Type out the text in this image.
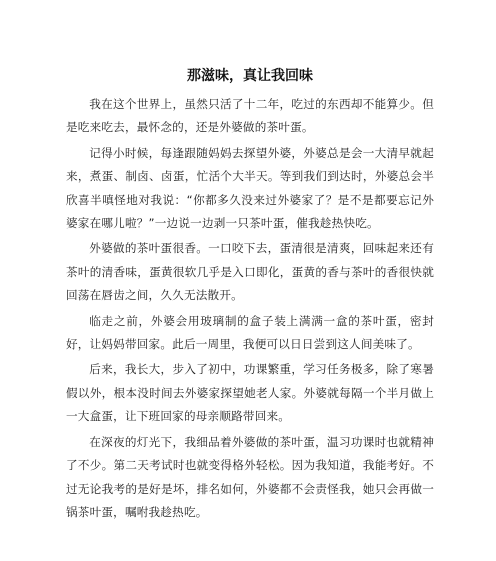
那滋味，真让我回味

我在这个世界上，虽然只活了十二年，吃过的东西却不能算少。但是吃来吃去，最怀念的，还是外婆做的茶叶蛋。

记得小时候，每逢跟随妈妈去探望外婆，外婆总是会一大清早就起来，煮蛋、制卤、卤蛋，忙活个大半天。等到我们到达时，外婆总会半欣喜半嗔怪地对我说：“你都多久没来过外婆家了？是不是都要忘记外婆家在哪儿啦？”一边说一边剥一只茶叶蛋，催我趁热快吃。

外婆做的茶叶蛋很香。一口咬下去，蛋清很是清爽，回味起来还有茶叶的清香味，蛋黄很软几乎是入口即化，蛋黄的香与茶叶的香很快就回荡在唇齿之间，久久无法散开。

临走之前，外婆会用玻璃制的盒子装上满满一盒的茶叶蛋，密封好，让妈妈带回家。此后一周里，我便可以日日尝到这人间美味了。

后来，我长大，步入了初中，功课繁重，学习任务极多，除了寒暑假以外，根本没时间去外婆家探望她老人家。外婆就每隔一个半月做上一大盒蛋，让下班回家的母亲顺路带回来。

在深夜的灯光下，我细品着外婆做的茶叶蛋，温习功课时也就精神了不少。第二天考试时也就变得格外轻松。因为我知道，我能考好。不过无论我考的是好是坏，排名如何，外婆都不会责怪我，她只会再做一锅茶叶蛋，嘱咐我趁热吃。
